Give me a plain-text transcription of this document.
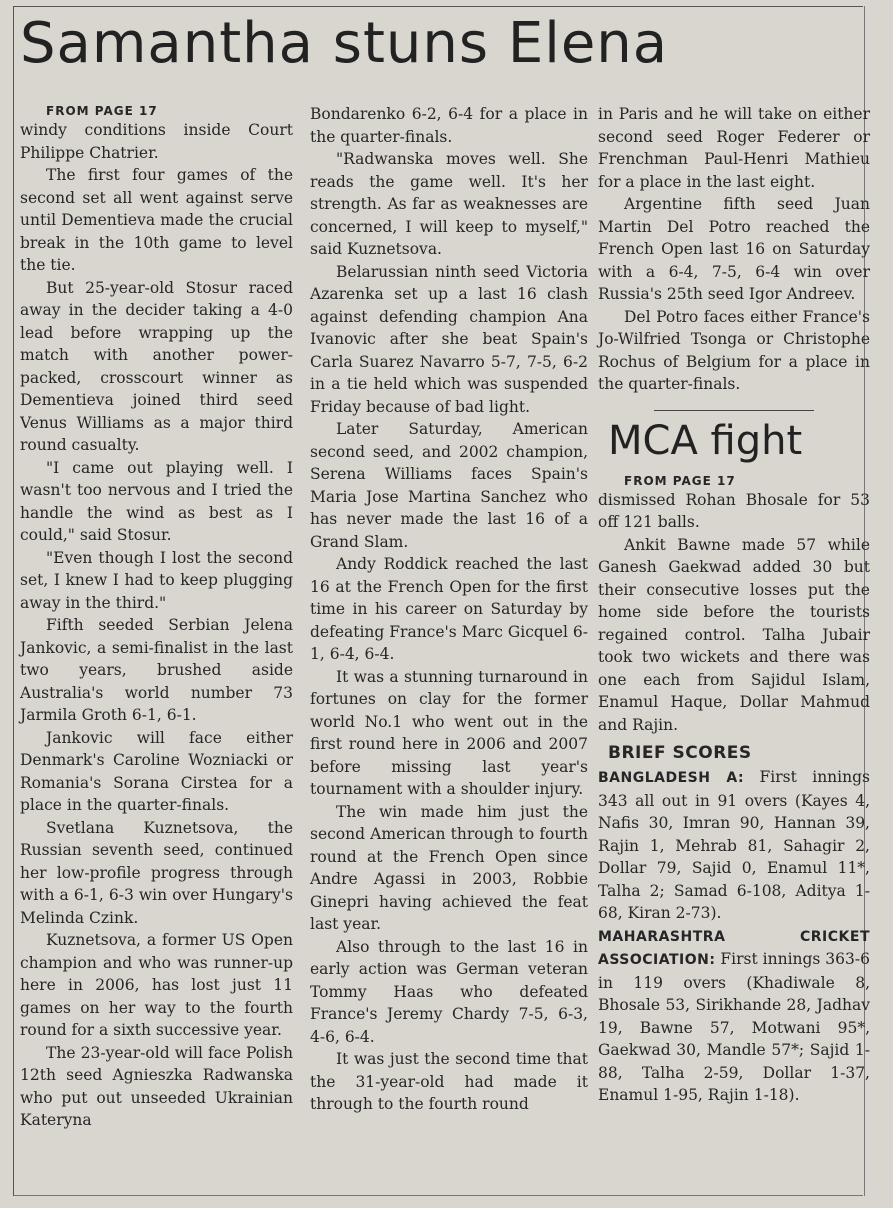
Samantha stuns Elena

FROM PAGE 17

windy conditions inside Court Philippe Chatrier.

The first four games of the second set all went against serve until Dementieva made the crucial break in the 10th game to level the tie.

But 25-year-old Stosur raced away in the decider taking a 4-0 lead before wrapping up the match with another power-packed, crosscourt winner as Dementieva joined third seed Venus Williams as a major third round casualty.

"I came out playing well. I wasn't too nervous and I tried the handle the wind as best as I could," said Stosur.

"Even though I lost the second set, I knew I had to keep plugging away in the third."

Fifth seeded Serbian Jelena Jankovic, a semi-finalist in the last two years, brushed aside Australia's world number 73 Jarmila Groth 6-1, 6-1.

Jankovic will face either Denmark's Caroline Wozniacki or Romania's Sorana Cirstea for a place in the quarter-finals.

Svetlana Kuznetsova, the Russian seventh seed, continued her low-profile progress through with a 6-1, 6-3 win over Hungary's Melinda Czink.

Kuznetsova, a former US Open champion and who was runner-up here in 2006, has lost just 11 games on her way to the fourth round for a sixth successive year.

The 23-year-old will face Polish 12th seed Agnieszka Radwanska who put out unseeded Ukrainian Kateryna

Bondarenko 6-2, 6-4 for a place in the quarter-finals.

"Radwanska moves well. She reads the game well. It's her strength. As far as weaknesses are concerned, I will keep to myself," said Kuznetsova.

Belarussian ninth seed Victoria Azarenka set up a last 16 clash against defending champion Ana Ivanovic after she beat Spain's Carla Suarez Navarro 5-7, 7-5, 6-2 in a tie held which was suspended Friday because of bad light.

Later Saturday, American second seed, and 2002 champion, Serena Williams faces Spain's Maria Jose Martina Sanchez who has never made the last 16 of a Grand Slam.

Andy Roddick reached the last 16 at the French Open for the first time in his career on Saturday by defeating France's Marc Gicquel 6-1, 6-4, 6-4.

It was a stunning turnaround in fortunes on clay for the former world No.1 who went out in the first round here in 2006 and 2007 before missing last year's tournament with a shoulder injury.

The win made him just the second American through to fourth round at the French Open since Andre Agassi in 2003, Robbie Ginepri having achieved the feat last year.

Also through to the last 16 in early action was German veteran Tommy Haas who defeated France's Jeremy Chardy 7-5, 6-3, 4-6, 6-4.

It was just the second time that the 31-year-old had made it through to the fourth round

in Paris and he will take on either second seed Roger Federer or Frenchman Paul-Henri Mathieu for a place in the last eight.

Argentine fifth seed Juan Martin Del Potro reached the French Open last 16 on Saturday with a 6-4, 7-5, 6-4 win over Russia's 25th seed Igor Andreev.

Del Potro faces either France's Jo-Wilfried Tsonga or Christophe Rochus of Belgium for a place in the quarter-finals.

MCA fight

FROM PAGE 17

dismissed Rohan Bhosale for 53 off 121 balls.

Ankit Bawne made 57 while Ganesh Gaekwad added 30 but their consecutive losses put the home side before the tourists regained control. Talha Jubair took two wickets and there was one each from Sajidul Islam, Enamul Haque, Dollar Mahmud and Rajin.

BRIEF SCORES

BANGLADESH A: First innings 343 all out in 91 overs (Kayes 4, Nafis 30, Imran 90, Hannan 39, Rajin 1, Mehrab 81, Sahagir 2, Dollar 79, Sajid 0, Enamul 11*, Talha 2; Samad 6-108, Aditya 1-68, Kiran 2-73).

MAHARASHTRA CRICKET ASSOCIATION: First innings 363-6 in 119 overs (Khadiwale 8, Bhosale 53, Sirikhande 28, Jadhav 19, Bawne 57, Motwani 95*, Gaekwad 30, Mandle 57*; Sajid 1-88, Talha 2-59, Dollar 1-37, Enamul 1-95, Rajin 1-18).
